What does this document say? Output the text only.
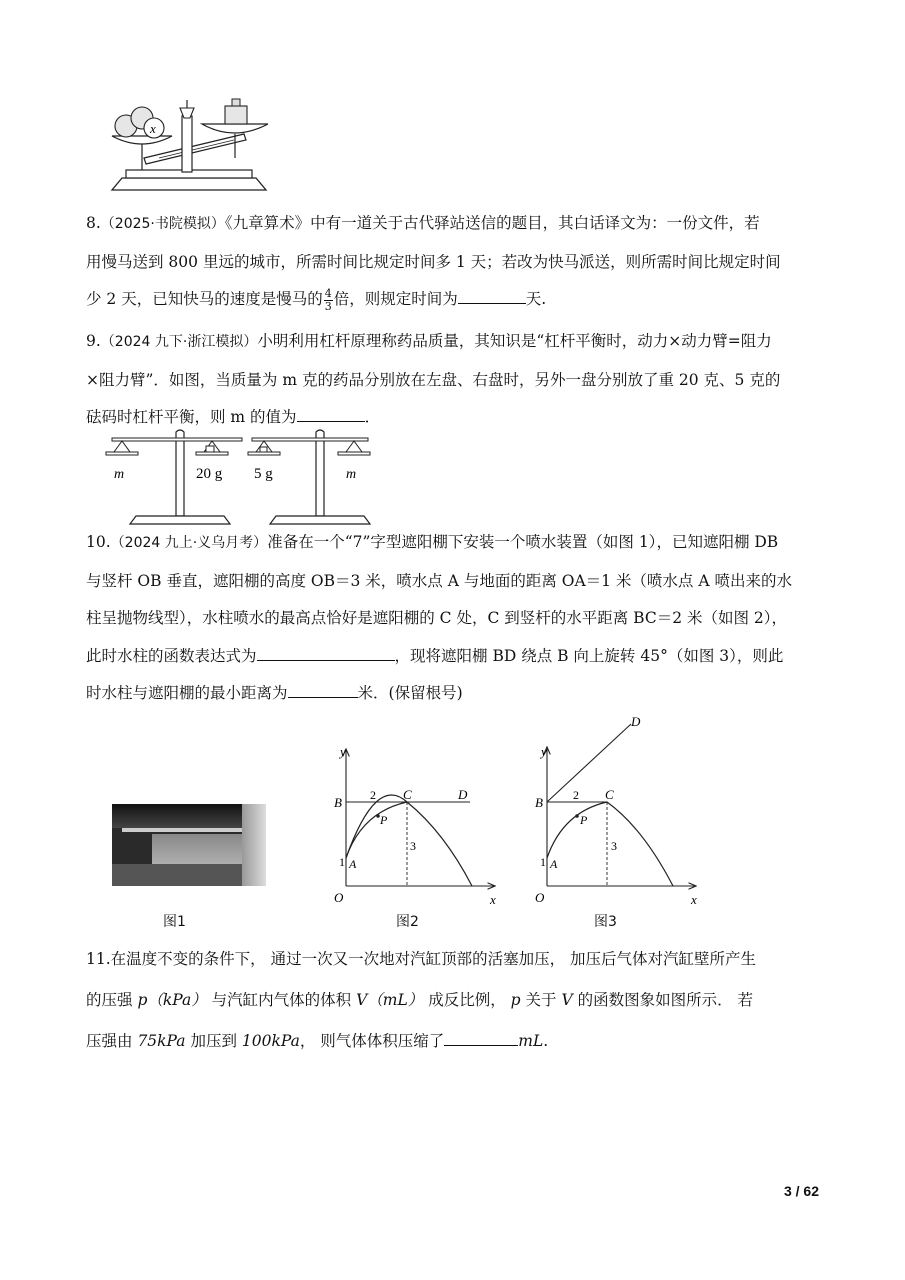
x
8.（2025·书院模拟）《九章算术》中有一道关于古代驿站送信的题目，其白话译文为：一份文件，若
用慢马送到 800 里远的城市，所需时间比规定时间多 1 天；若改为快马派送，则所需时间比规定时间
少 2 天，已知快马的速度是慢马的 $\frac{4}{3}$ 倍，则规定时间为	天.
9.（2024 九下·浙江模拟）小明利用杠杆原理称药品质量，其知识是“杠杆平衡时，动力×动力臂=阻力
×阻力臂”．如图，当质量为 m 克的药品分别放在左盘、右盘时，另外一盘分别放了重 20 克、5 克的
砝码时杠杆平衡，则 m 的值为	．
m	20 g 5 g	m
10.（2024 九上·义乌月考）准备在一个“7”字型遮阳棚下安装一个喷水装置（如图 1），已知遮阳棚 DB
与竖杆 OB 垂直，遮阳棚的高度 OB＝3 米，喷水点 A 与地面的距离 OA＝1 米（喷水点 A 喷出来的水
柱呈抛物线型），水柱喷水的最高点恰好是遮阳棚的 C 处，C 到竖杆的水平距离 BC＝2 米（如图 2），
此时水柱的函数表达式为	，现将遮阳棚 BD 绕点 B 向上旋转 45°（如图 3），则此
时水柱与遮阳棚的最小距离为	米．(保留根号)
图1
y
x
O
B 2 C	D
P
3
1 A
图2
D
y
x
O
B	2 C
P
3
1 A
图3
11.在温度不变的条件下， 通过一次又一次地对汽缸顶部的活塞加压， 加压后气体对汽缸壁所产生
的压强 p（kPa） 与汽缸内气体的体积 V（mL） 成反比例， p 关于 V 的函数图象如图所示． 若
压强由 75kPa 加压到 100kPa， 则气体体积压缩了	mL.
3 / 62
